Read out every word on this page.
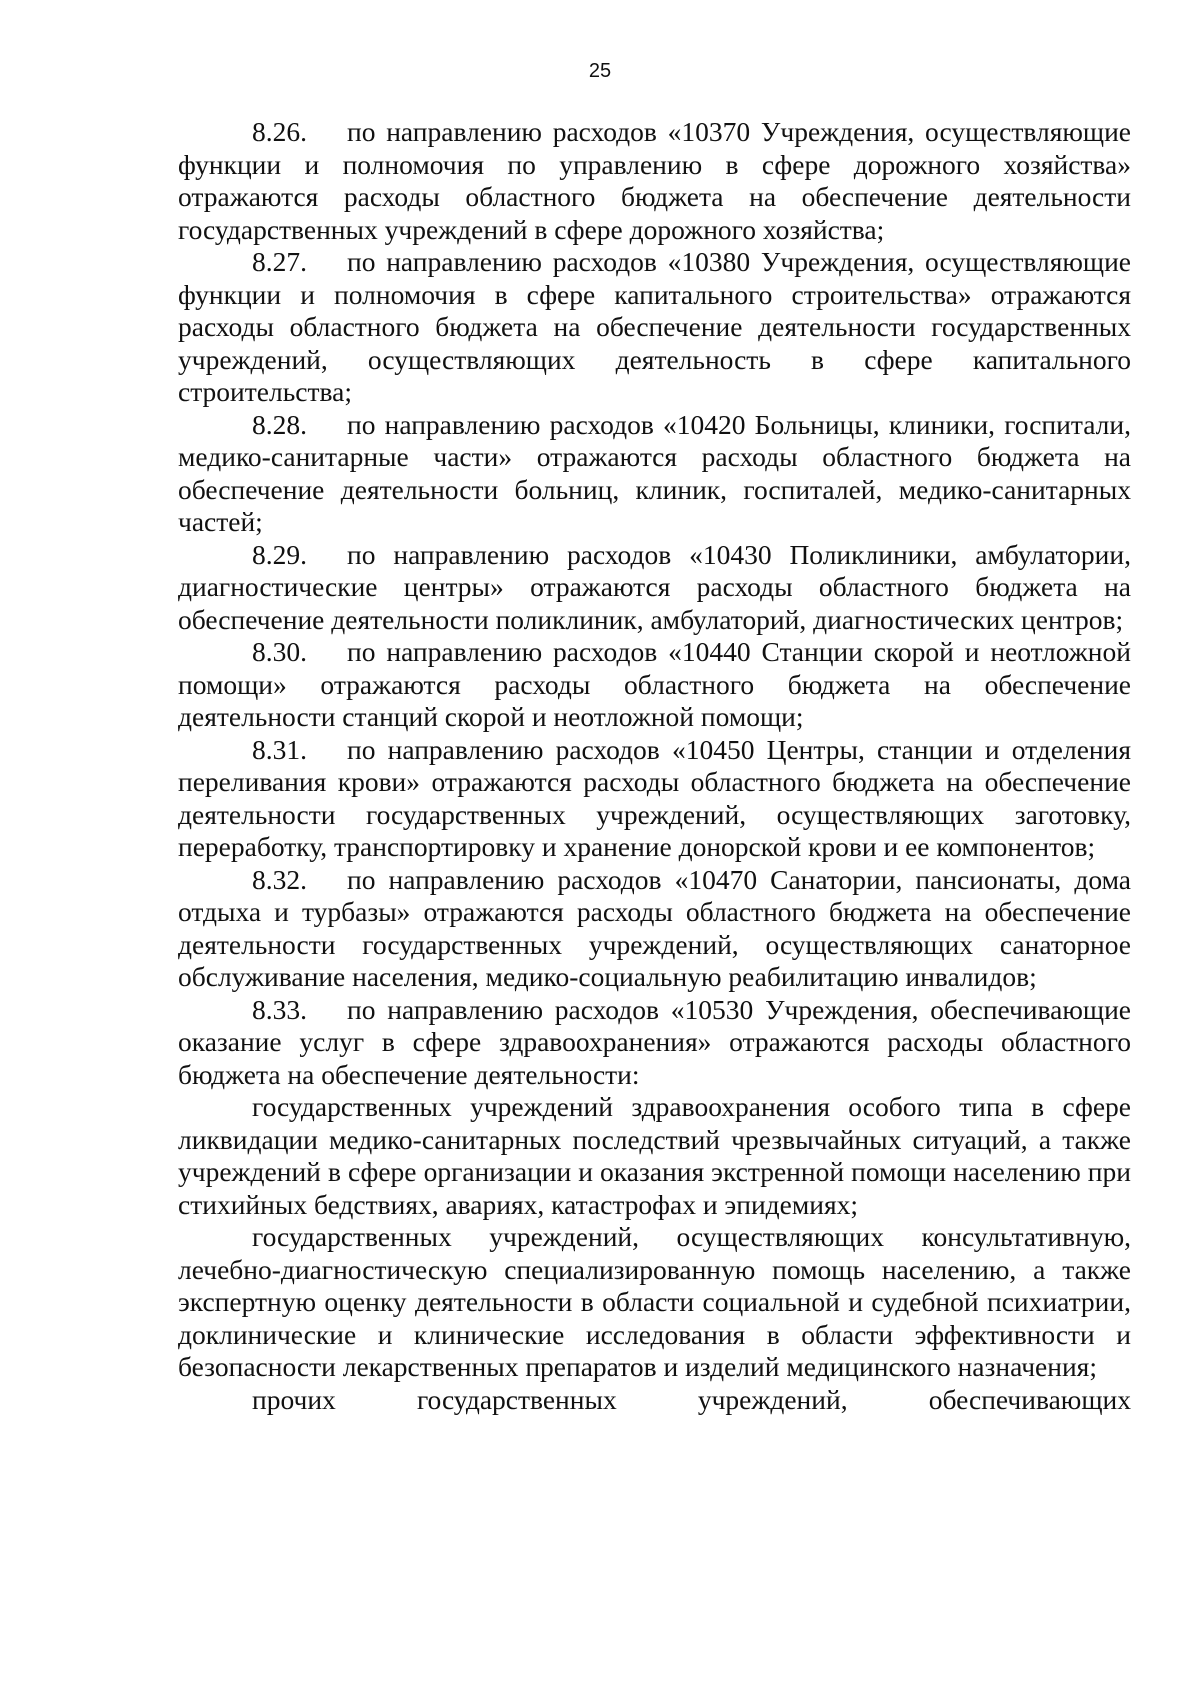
25

8.26. по направлению расходов «10370 Учреждения, осуществляющие функции и полномочия по управлению в сфере дорожного хозяйства» отражаются расходы областного бюджета на обеспечение деятельности государственных учреждений в сфере дорожного хозяйства;

8.27. по направлению расходов «10380 Учреждения, осуществляющие функции и полномочия в сфере капитального строительства» отражаются расходы областного бюджета на обеспечение деятельности государственных учреждений, осуществляющих деятельность в сфере капитального строительства;

8.28. по направлению расходов «10420 Больницы, клиники, госпитали, медико-санитарные части» отражаются расходы областного бюджета на обеспечение деятельности больниц, клиник, госпиталей, медико-санитарных частей;

8.29. по направлению расходов «10430 Поликлиники, амбулатории, диагностические центры» отражаются расходы областного бюджета на обеспечение деятельности поликлиник, амбулаторий, диагностических центров;

8.30. по направлению расходов «10440 Станции скорой и неотложной помощи» отражаются расходы областного бюджета на обеспечение деятельности станций скорой и неотложной помощи;

8.31. по направлению расходов «10450 Центры, станции и отделения переливания крови» отражаются расходы областного бюджета на обеспечение деятельности государственных учреждений, осуществляющих заготовку, переработку, транспортировку и хранение донорской крови и ее компонентов;

8.32. по направлению расходов «10470 Санатории, пансионаты, дома отдыха и турбазы» отражаются расходы областного бюджета на обеспечение деятельности государственных учреждений, осуществляющих санаторное обслуживание населения, медико-социальную реабилитацию инвалидов;

8.33. по направлению расходов «10530 Учреждения, обеспечивающие оказание услуг в сфере здравоохранения» отражаются расходы областного бюджета на обеспечение деятельности:

государственных учреждений здравоохранения особого типа в сфере ликвидации медико-санитарных последствий чрезвычайных ситуаций, а также учреждений в сфере организации и оказания экстренной помощи населению при стихийных бедствиях, авариях, катастрофах и эпидемиях;

государственных учреждений, осуществляющих консультативную, лечебно-диагностическую специализированную помощь населению, а также экспертную оценку деятельности в области социальной и судебной психиатрии, доклинические и клинические исследования в области эффективности и безопасности лекарственных препаратов и изделий медицинского назначения;

прочих государственных учреждений, обеспечивающих
